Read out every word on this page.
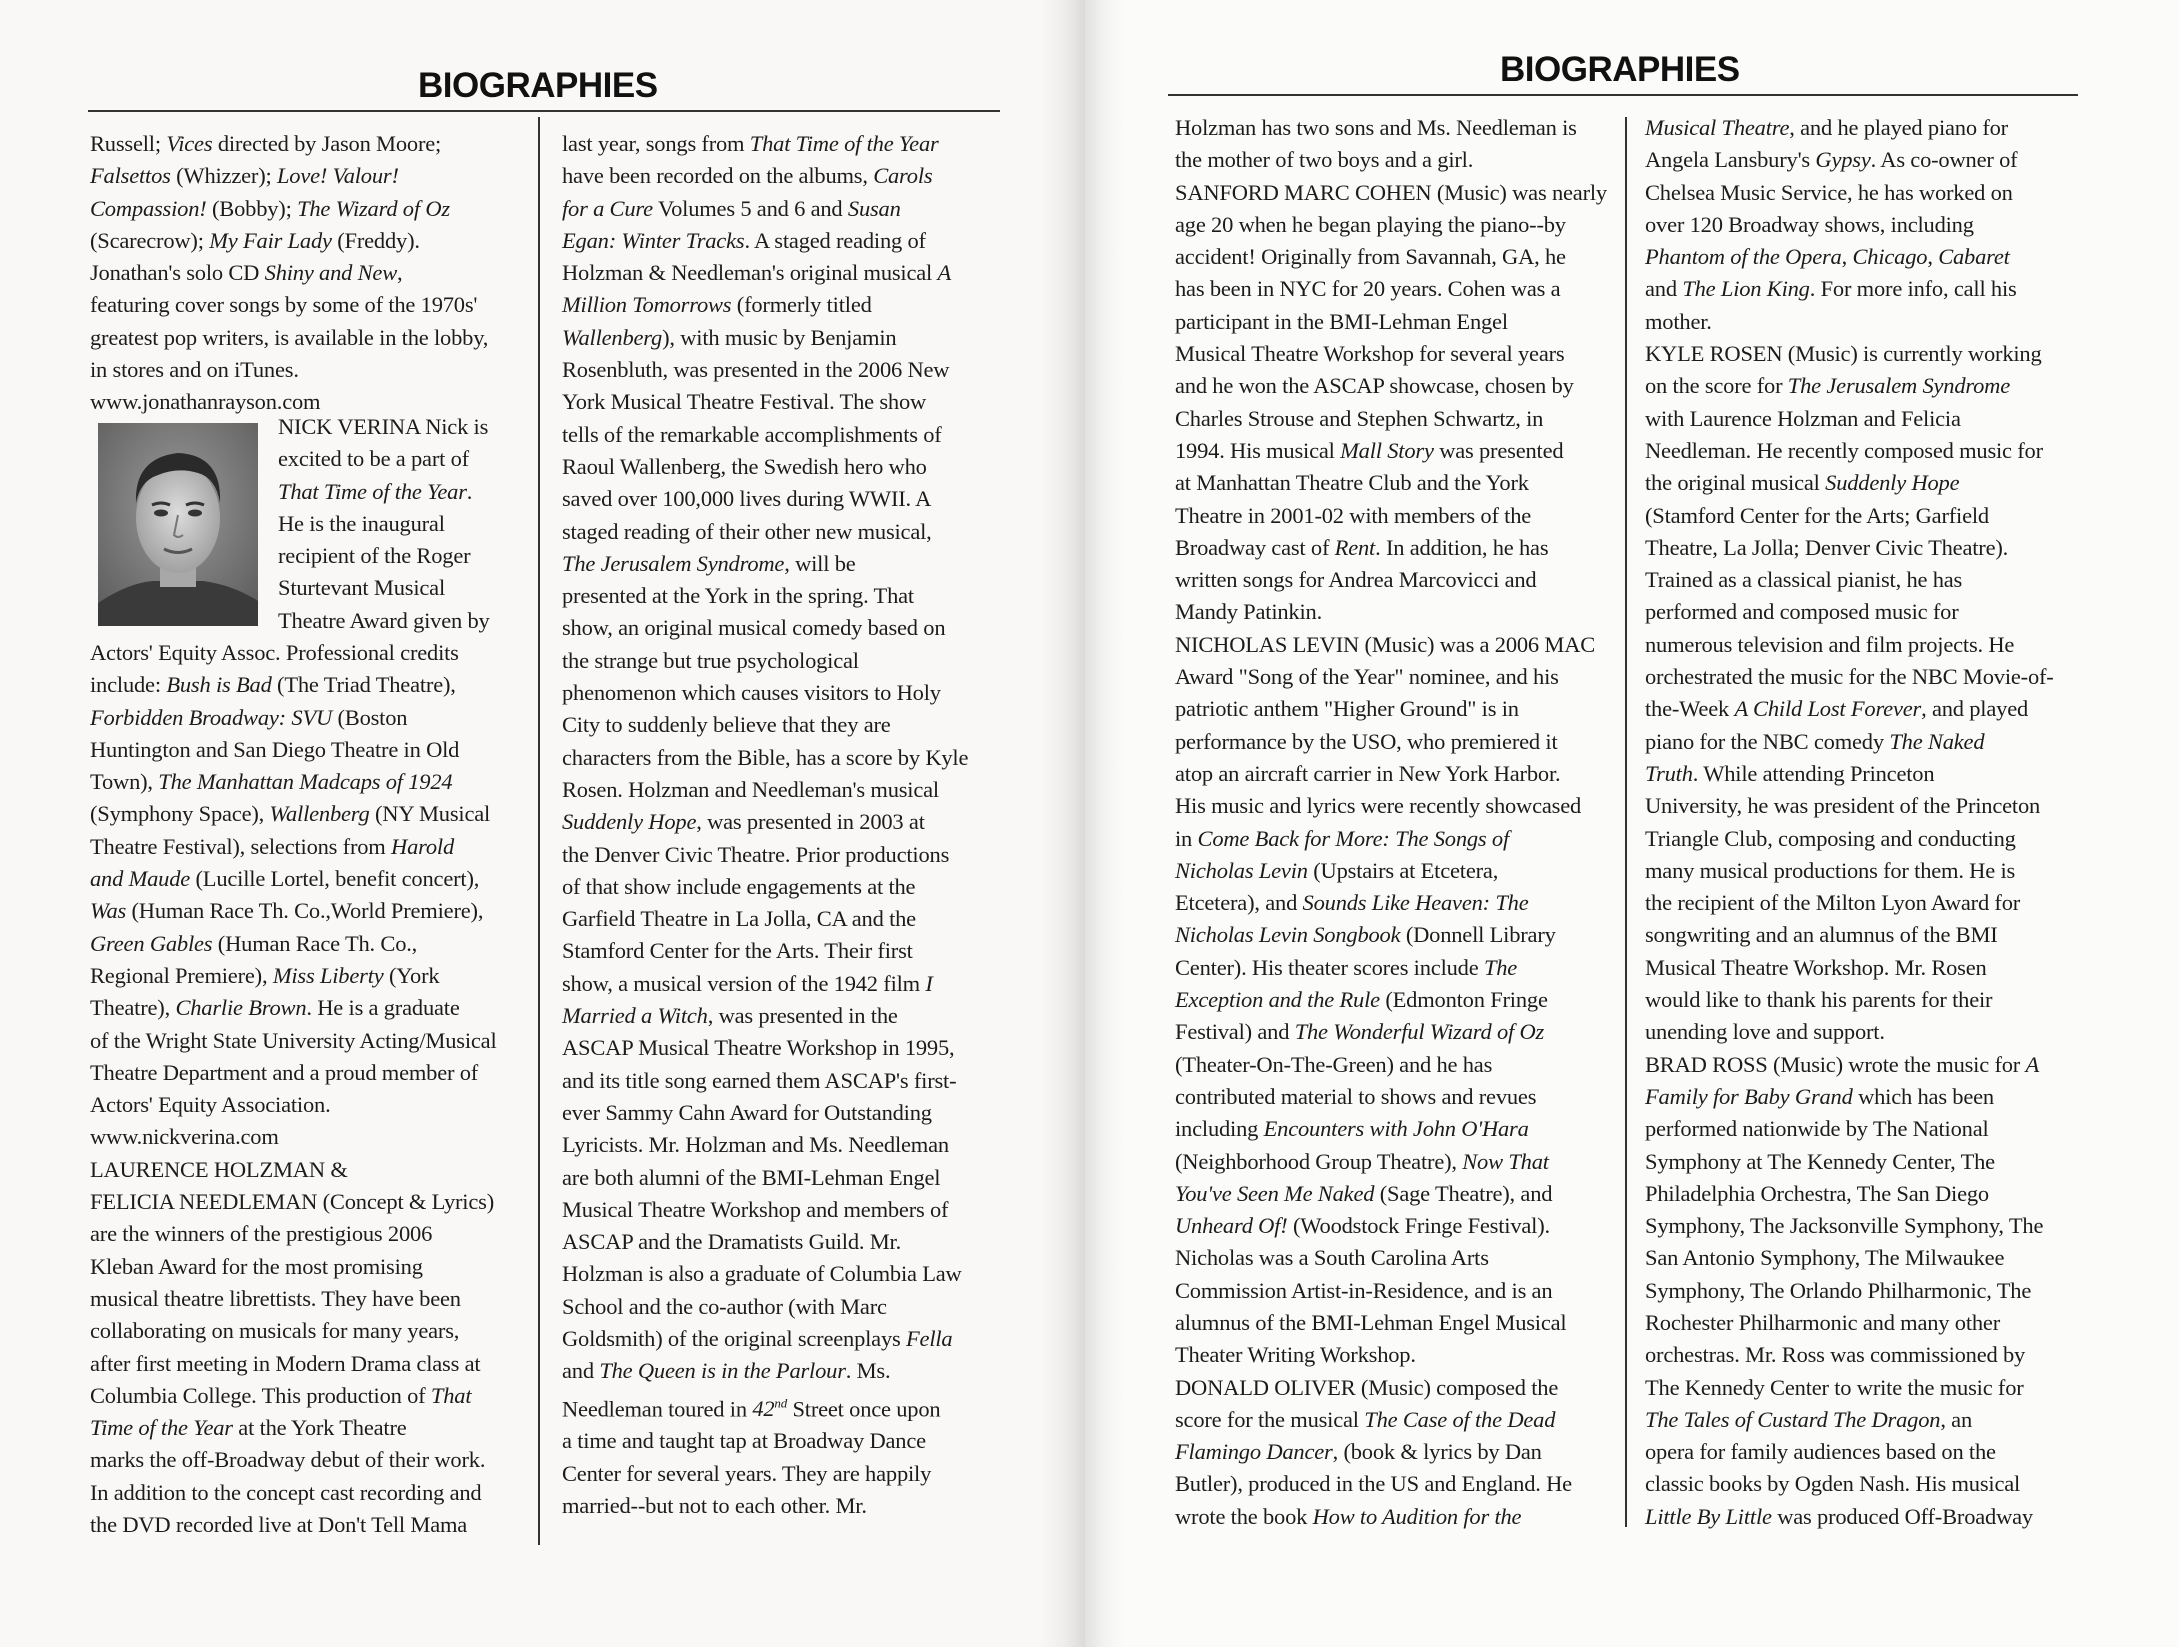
BIOGRAPHIES	BIOGRAPHIES

Russell; Vices directed by Jason Moore;

Falsettos (Whizzer); Love! Valour!

Compassion! (Bobby); The Wizard of Oz

(Scarecrow); My Fair Lady (Freddy).

Jonathan's solo CD Shiny and New,

featuring cover songs by some of the 1970s'

greatest pop writers, is available in the lobby,

in stores and on iTunes.

www.jonathanrayson.com

NICK VERINA Nick is

excited to be a part of

That Time of the Year.

He is the inaugural

recipient of the Roger

Sturtevant Musical

Theatre Award given by

Actors' Equity Assoc. Professional credits

include: Bush is Bad (The Triad Theatre),

Forbidden Broadway: SVU (Boston

Huntington and San Diego Theatre in Old

Town), The Manhattan Madcaps of 1924

(Symphony Space), Wallenberg (NY Musical

Theatre Festival), selections from Harold

and Maude (Lucille Lortel, benefit concert),

Was (Human Race Th. Co.,World Premiere),

Green Gables (Human Race Th. Co.,

Regional Premiere), Miss Liberty (York

Theatre), Charlie Brown. He is a graduate

of the Wright State University Acting/Musical

Theatre Department and a proud member of

Actors' Equity Association.

www.nickverina.com

LAURENCE HOLZMAN &

FELICIA NEEDLEMAN (Concept & Lyrics)

are the winners of the prestigious 2006

Kleban Award for the most promising

musical theatre librettists. They have been

collaborating on musicals for many years,

after first meeting in Modern Drama class at

Columbia College. This production of That

Time of the Year at the York Theatre

marks the off-Broadway debut of their work.

In addition to the concept cast recording and

the DVD recorded live at Don't Tell Mama

last year, songs from That Time of the Year

have been recorded on the albums, Carols

for a Cure Volumes 5 and 6 and Susan

Egan: Winter Tracks. A staged reading of

Holzman & Needleman's original musical A

Million Tomorrows (formerly titled

Wallenberg), with music by Benjamin

Rosenbluth, was presented in the 2006 New

York Musical Theatre Festival. The show

tells of the remarkable accomplishments of

Raoul Wallenberg, the Swedish hero who

saved over 100,000 lives during WWII. A

staged reading of their other new musical,

The Jerusalem Syndrome, will be

presented at the York in the spring. That

show, an original musical comedy based on

the strange but true psychological

phenomenon which causes visitors to Holy

City to suddenly believe that they are

characters from the Bible, has a score by Kyle

Rosen. Holzman and Needleman's musical

Suddenly Hope, was presented in 2003 at

the Denver Civic Theatre. Prior productions

of that show include engagements at the

Garfield Theatre in La Jolla, CA and the

Stamford Center for the Arts. Their first

show, a musical version of the 1942 film I

Married a Witch, was presented in the

ASCAP Musical Theatre Workshop in 1995,

and its title song earned them ASCAP's first-

ever Sammy Cahn Award for Outstanding

Lyricists. Mr. Holzman and Ms. Needleman

are both alumni of the BMI-Lehman Engel

Musical Theatre Workshop and members of

ASCAP and the Dramatists Guild. Mr.

Holzman is also a graduate of Columbia Law

School and the co-author (with Marc

Goldsmith) of the original screenplays Fella

and The Queen is in the Parlour. Ms.

Needleman toured in 42nd Street once upon

a time and taught tap at Broadway Dance

Center for several years. They are happily

married--but not to each other. Mr.

Holzman has two sons and Ms. Needleman is

the mother of two boys and a girl.

SANFORD MARC COHEN (Music) was nearly

age 20 when he began playing the piano--by

accident! Originally from Savannah, GA, he

has been in NYC for 20 years. Cohen was a

participant in the BMI-Lehman Engel

Musical Theatre Workshop for several years

and he won the ASCAP showcase, chosen by

Charles Strouse and Stephen Schwartz, in

1994. His musical Mall Story was presented

at Manhattan Theatre Club and the York

Theatre in 2001-02 with members of the

Broadway cast of Rent. In addition, he has

written songs for Andrea Marcovicci and

Mandy Patinkin.

NICHOLAS LEVIN (Music) was a 2006 MAC

Award "Song of the Year" nominee, and his

patriotic anthem "Higher Ground" is in

performance by the USO, who premiered it

atop an aircraft carrier in New York Harbor.

His music and lyrics were recently showcased

in Come Back for More: The Songs of

Nicholas Levin (Upstairs at Etcetera,

Etcetera), and Sounds Like Heaven: The

Nicholas Levin Songbook (Donnell Library

Center). His theater scores include The

Exception and the Rule (Edmonton Fringe

Festival) and The Wonderful Wizard of Oz

(Theater-On-The-Green) and he has

contributed material to shows and revues

including Encounters with John O'Hara

(Neighborhood Group Theatre), Now That

You've Seen Me Naked (Sage Theatre), and

Unheard Of! (Woodstock Fringe Festival).

Nicholas was a South Carolina Arts

Commission Artist-in-Residence, and is an

alumnus of the BMI-Lehman Engel Musical

Theater Writing Workshop.

DONALD OLIVER (Music) composed the

score for the musical The Case of the Dead

Flamingo Dancer, (book & lyrics by Dan

Butler), produced in the US and England. He

wrote the book How to Audition for the

Musical Theatre, and he played piano for

Angela Lansbury's Gypsy. As co-owner of

Chelsea Music Service, he has worked on

over 120 Broadway shows, including

Phantom of the Opera, Chicago, Cabaret

and The Lion King. For more info, call his

mother.

KYLE ROSEN (Music) is currently working

on the score for The Jerusalem Syndrome

with Laurence Holzman and Felicia

Needleman. He recently composed music for

the original musical Suddenly Hope

(Stamford Center for the Arts; Garfield

Theatre, La Jolla; Denver Civic Theatre).

Trained as a classical pianist, he has

performed and composed music for

numerous television and film projects. He

orchestrated the music for the NBC Movie-of-

the-Week A Child Lost Forever, and played

piano for the NBC comedy The Naked

Truth. While attending Princeton

University, he was president of the Princeton

Triangle Club, composing and conducting

many musical productions for them. He is

the recipient of the Milton Lyon Award for

songwriting and an alumnus of the BMI

Musical Theatre Workshop. Mr. Rosen

would like to thank his parents for their

unending love and support.

BRAD ROSS (Music) wrote the music for A

Family for Baby Grand which has been

performed nationwide by The National

Symphony at The Kennedy Center, The

Philadelphia Orchestra, The San Diego

Symphony, The Jacksonville Symphony, The

San Antonio Symphony, The Milwaukee

Symphony, The Orlando Philharmonic, The

Rochester Philharmonic and many other

orchestras. Mr. Ross was commissioned by

The Kennedy Center to write the music for

The Tales of Custard The Dragon, an

opera for family audiences based on the

classic books by Ogden Nash. His musical

Little By Little was produced Off-Broadway
